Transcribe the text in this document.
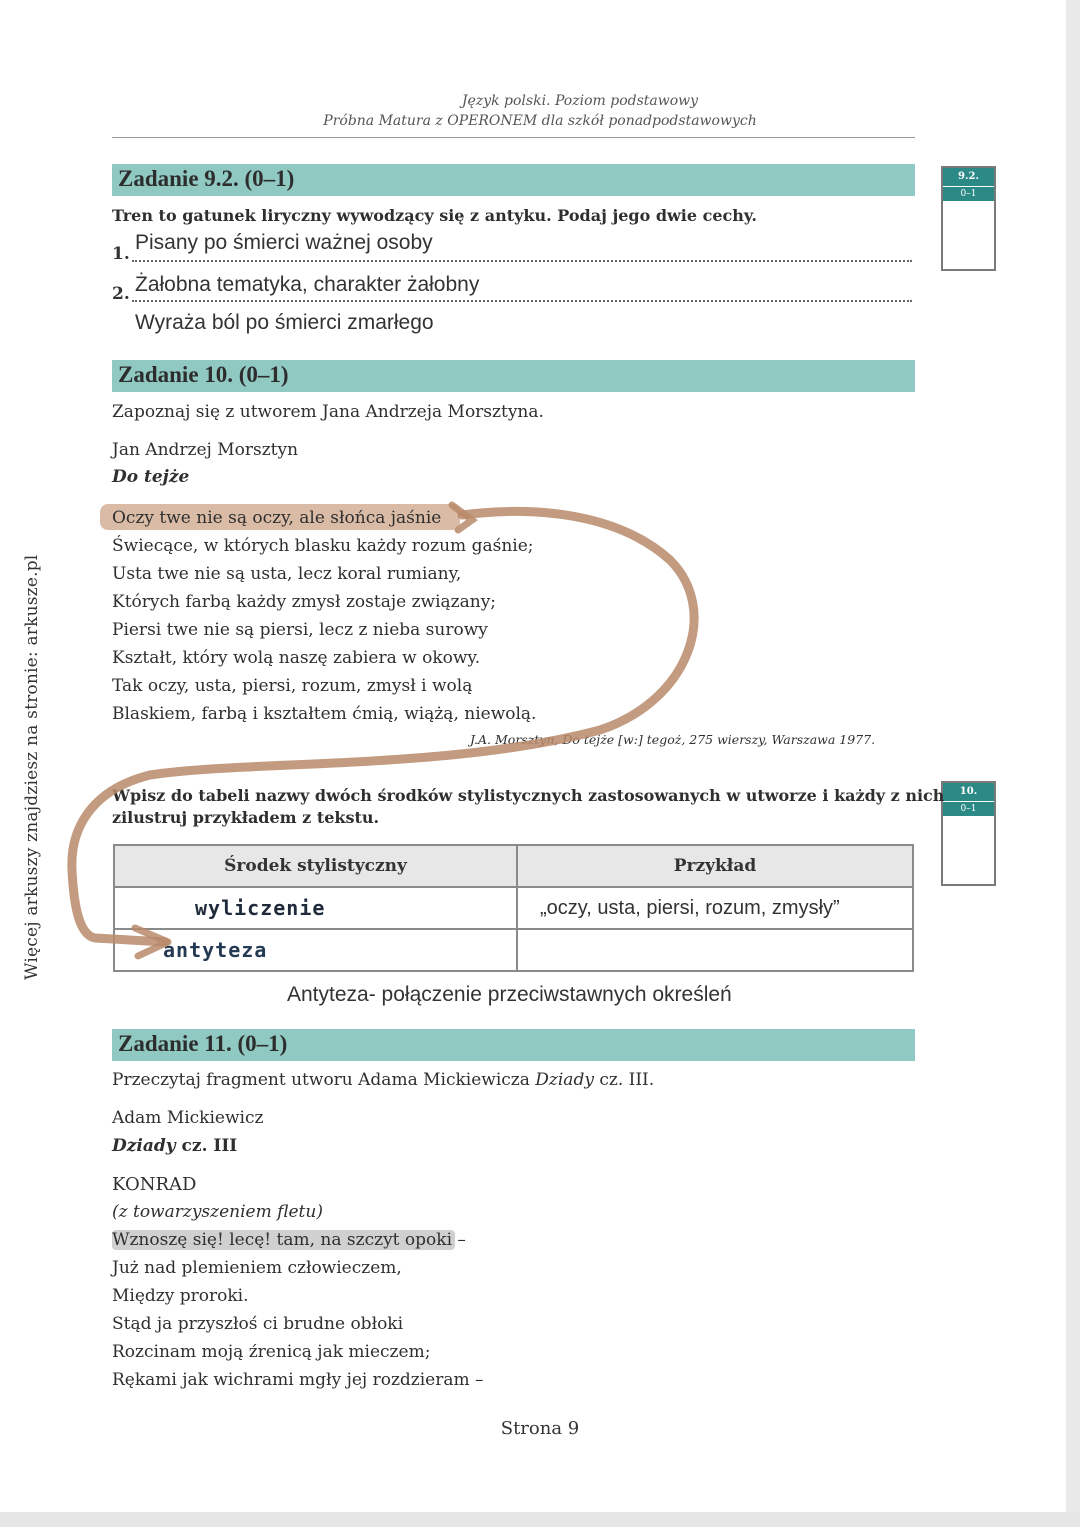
Język polski. Poziom podstawowy
Próbna Matura z OPERONEM dla szkół ponadpodstawowych
Więcej arkuszy znajdziesz na stronie: arkusze.pl
Zadanie 9.2. (0–1)	9.2.
0–1
Tren to gatunek liryczny wywodzący się z antyku. Podaj jego dwie cechy.
1. Pisany po śmierci ważnej osoby
2. Żałobna tematyka, charakter żałobny
Wyraża ból po śmierci zmarłego
Zadanie 10. (0–1)
Zapoznaj się z utworem Jana Andrzeja Morsztyna.
Jan Andrzej Morsztyn
Do tejże
Oczy twe nie są oczy, ale słońca jaśnie
Świecące, w których blasku każdy rozum gaśnie;
Usta twe nie są usta, lecz koral rumiany,
Których farbą każdy zmysł zostaje związany;
Piersi twe nie są piersi, lecz z nieba surowy
Kształt, który wolą naszę zabiera w okowy.
Tak oczy, usta, piersi, rozum, zmysł i wolą
Blaskiem, farbą i kształtem ćmią, wiążą, niewolą.
J.A. Morsztyn, Do tejże [w:] tegoż, 275 wierszy, Warszawa 1977.
10.
0–1
Wpisz do tabeli nazwy dwóch środków stylistycznych zastosowanych w utworze i każdy z nich
zilustruj przykładem z tekstu.
Środek stylistyczny	Przykład
wyliczenie	„oczy, usta, piersi, rozum, zmysły”
antyteza	
Antyteza- połączenie przeciwstawnych określeń
Zadanie 11. (0–1)
Przeczytaj fragment utworu Adama Mickiewicza Dziady cz. III.
Adam Mickiewicz
Dziady cz. III
KONRAD
(z towarzyszeniem fletu)
Wznoszę się! lecę! tam, na szczyt opoki –
Już nad plemieniem człowieczem,
Między proroki.
Stąd ja przyszłoś ci brudne obłoki
Rozcinam moją źrenicą jak mieczem;
Rękami jak wichrami mgły jej rozdzieram –
Strona 9
